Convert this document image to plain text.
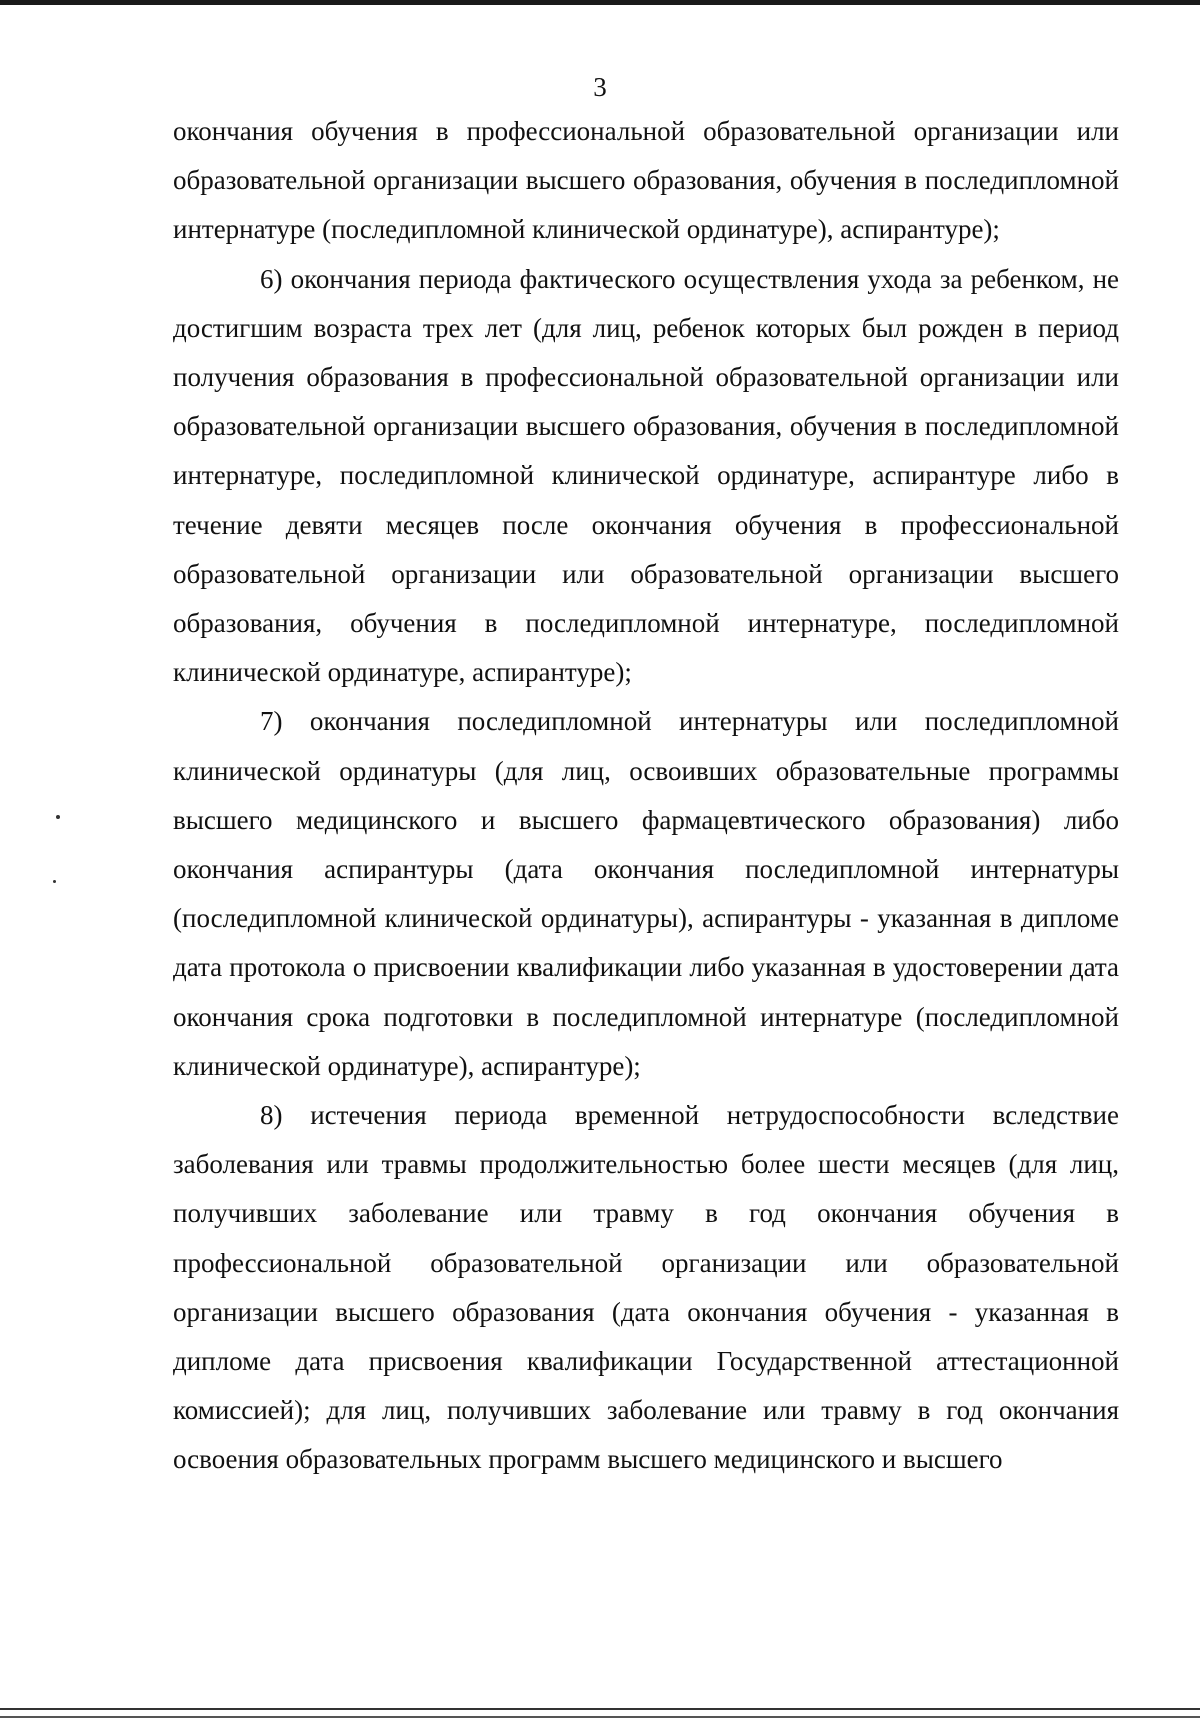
3

окончания обучения в профессиональной образовательной организации или образовательной организации высшего образования, обучения в последипломной интернатуре (последипломной клинической ординатуре), аспирантуре);

6) окончания периода фактического осуществления ухода за ребенком, не достигшим возраста трех лет (для лиц, ребенок которых был рожден в период получения образования в профессиональной образовательной организации или образовательной организации высшего образования, обучения в последипломной интернатуре, последипломной клинической ординатуре, аспирантуре либо в течение девяти месяцев после окончания обучения в профессиональной образовательной организации или образовательной организации высшего образования, обучения в последипломной интернатуре, последипломной клинической ординатуре, аспирантуре);

7) окончания последипломной интернатуры или последипломной клинической ординатуры (для лиц, освоивших образовательные программы высшего медицинского и высшего фармацевтического образования) либо окончания аспирантуры (дата окончания последипломной интернатуры (последипломной клинической ординатуры), аспирантуры - указанная в дипломе дата протокола о присвоении квалификации либо указанная в удостоверении дата окончания срока подготовки в последипломной интернатуре (последипломной клинической ординатуре), аспирантуре);

8) истечения периода временной нетрудоспособности вследствие заболевания или травмы продолжительностью более шести месяцев (для лиц, получивших заболевание или травму в год окончания обучения в профессиональной образовательной организации или образовательной организации высшего образования (дата окончания обучения - указанная в дипломе дата присвоения квалификации Государственной аттестационной комиссией); для лиц, получивших заболевание или травму в год окончания освоения образовательных программ высшего медицинского и высшего
